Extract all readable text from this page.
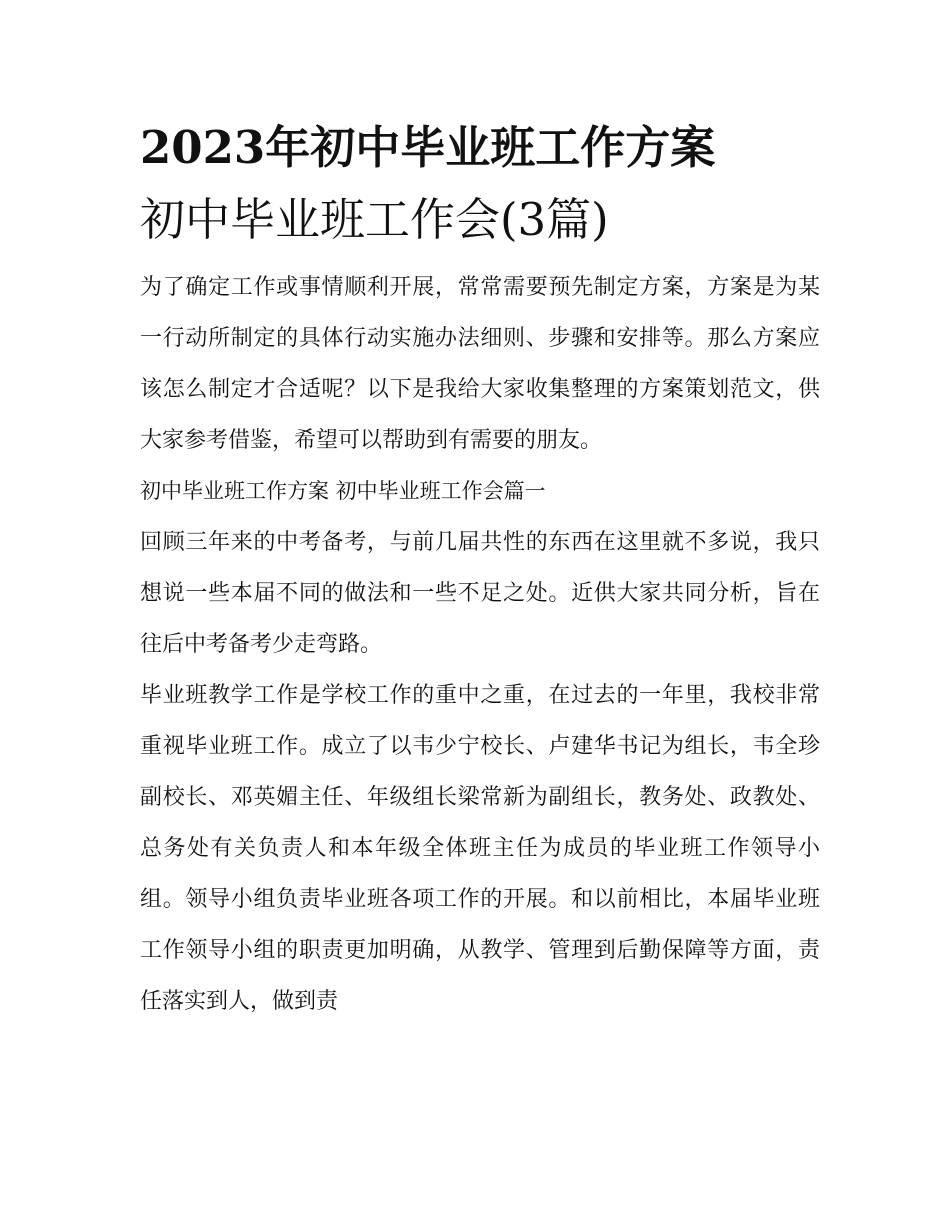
2023年初中毕业班工作方案
初中毕业班工作会(3篇)

为了确定工作或事情顺利开展，常常需要预先制定方案，方案是为某一行动所制定的具体行动实施办法细则、步骤和安排等。那么方案应该怎么制定才合适呢？以下是我给大家收集整理的方案策划范文，供大家参考借鉴，希望可以帮助到有需要的朋友。

初中毕业班工作方案 初中毕业班工作会篇一

回顾三年来的中考备考，与前几届共性的东西在这里就不多说，我只想说一些本届不同的做法和一些不足之处。近供大家共同分析，旨在往后中考备考少走弯路。

毕业班教学工作是学校工作的重中之重，在过去的一年里，我校非常重视毕业班工作。成立了以韦少宁校长、卢建华书记为组长，韦全珍副校长、邓英媚主任、年级组长梁常新为副组长，教务处、政教处、总务处有关负责人和本年级全体班主任为成员的毕业班工作领导小组。领导小组负责毕业班各项工作的开展。和以前相比，本届毕业班工作领导小组的职责更加明确，从教学、管理到后勤保障等方面，责任落实到人，做到责
